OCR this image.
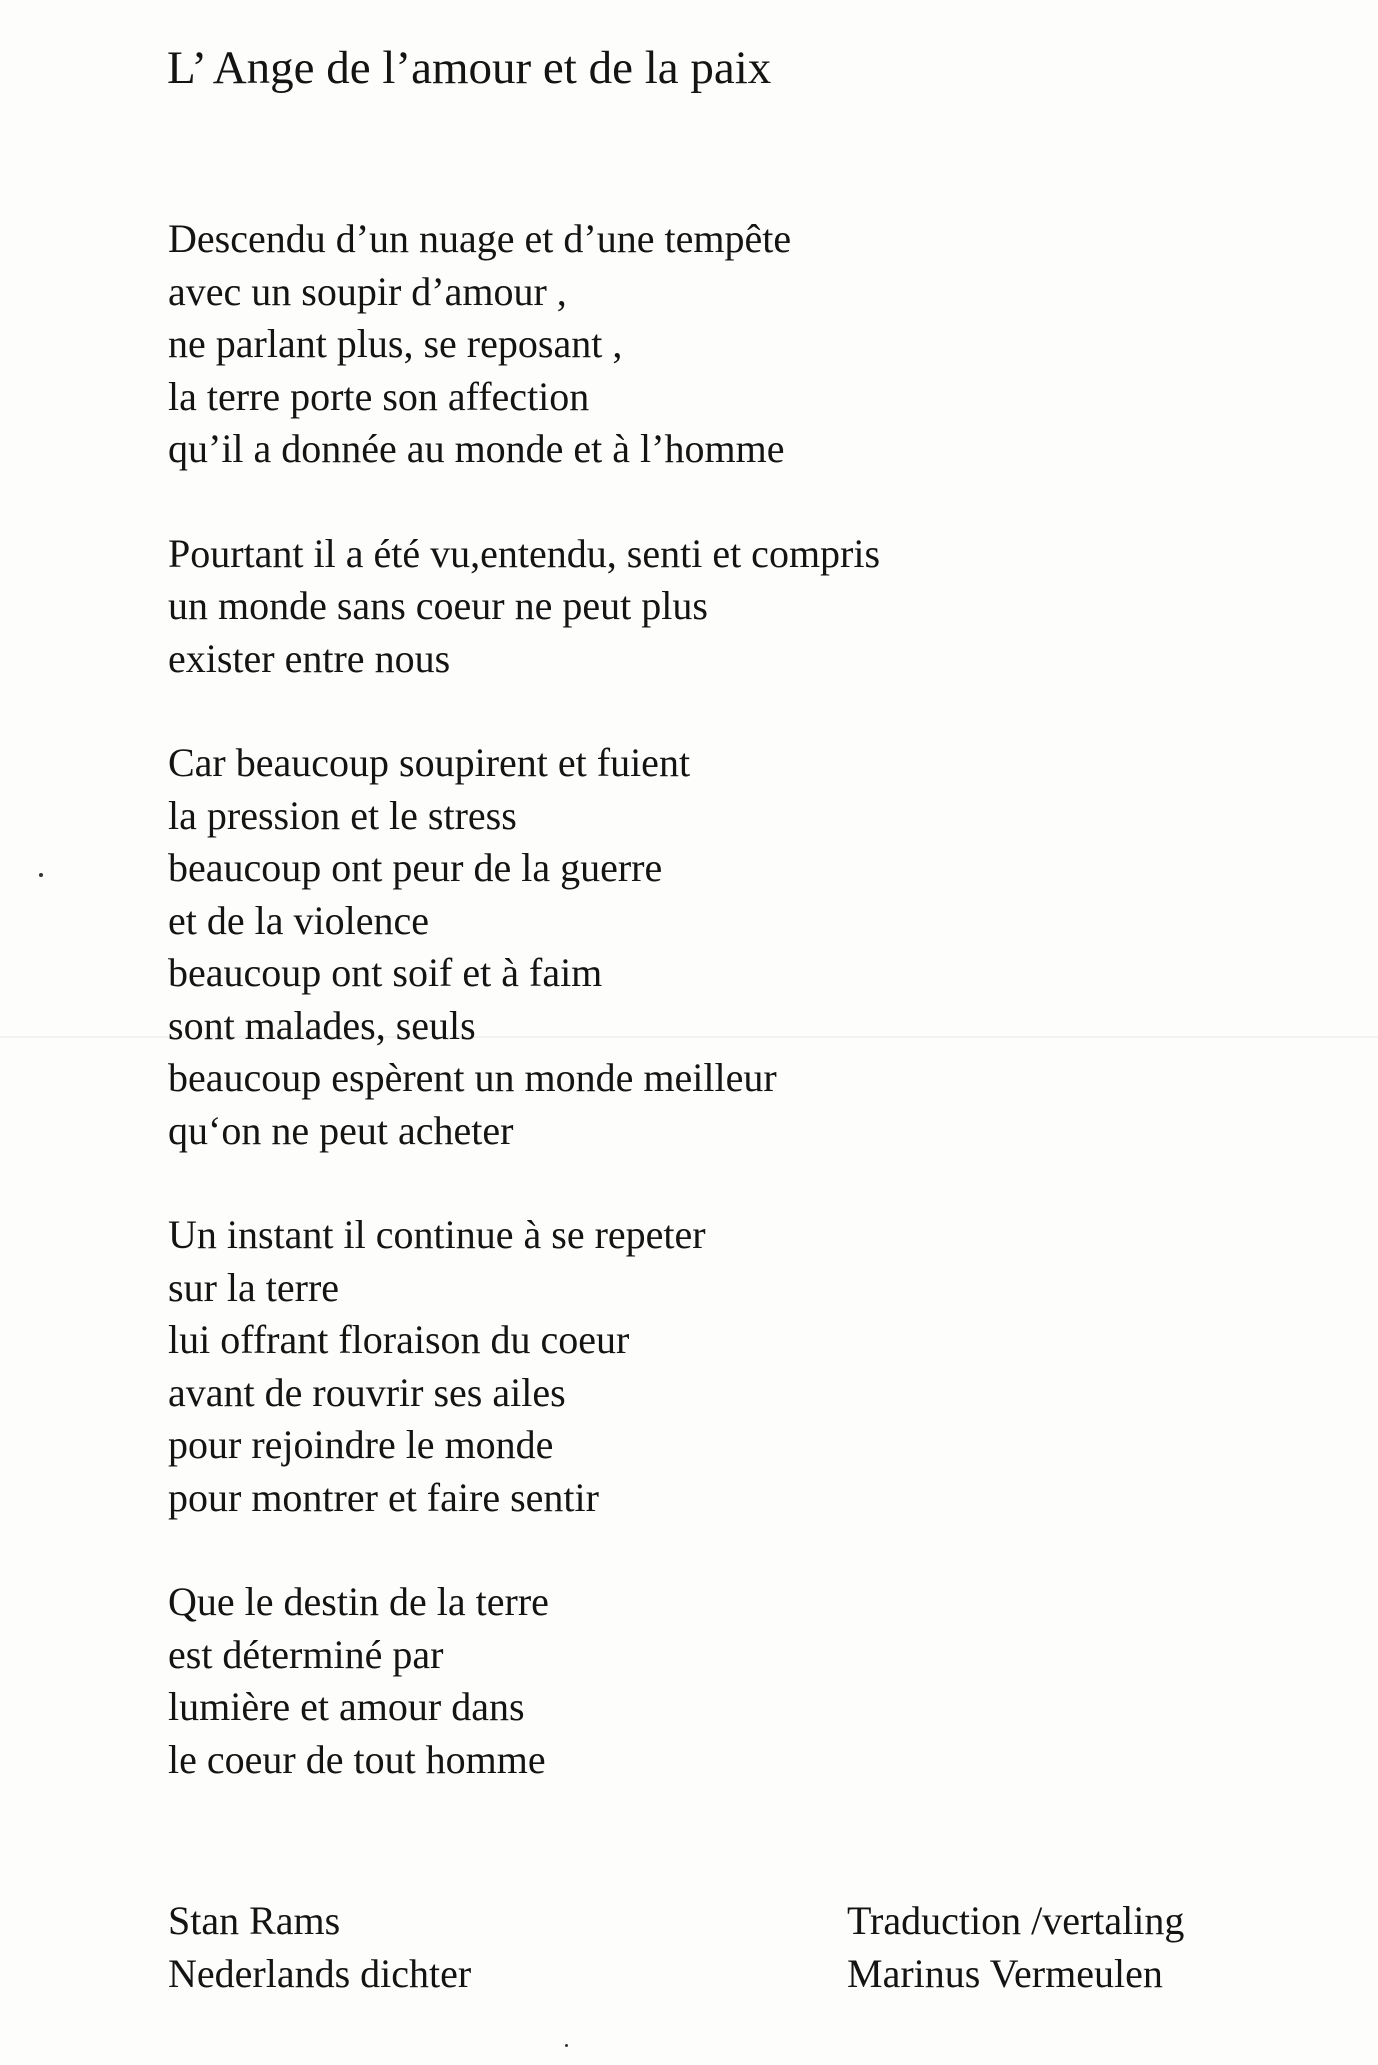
L’ Ange de l’amour et de la paix
Descendu d’un nuage et d’une tempête
avec un soupir d’amour ,
ne parlant plus, se reposant ,
la terre porte son affection
qu’il a donnée au monde et à l’homme
Pourtant il a été vu,entendu, senti et compris
un monde sans coeur ne peut plus
exister entre nous
Car beaucoup soupirent et fuient
la pression et le stress
beaucoup ont peur de la guerre
et de la violence
beaucoup ont soif et à faim
sont malades, seuls
beaucoup espèrent un monde meilleur
qu‘on ne peut acheter
Un instant il continue à se repeter
sur la terre
lui offrant floraison du coeur
avant de rouvrir ses ailes
pour rejoindre le monde
pour montrer et faire sentir
Que le destin de la terre
est déterminé par
lumière et amour dans
le coeur de tout homme
Stan Rams
Nederlands dichter
Traduction /vertaling
Marinus Vermeulen
